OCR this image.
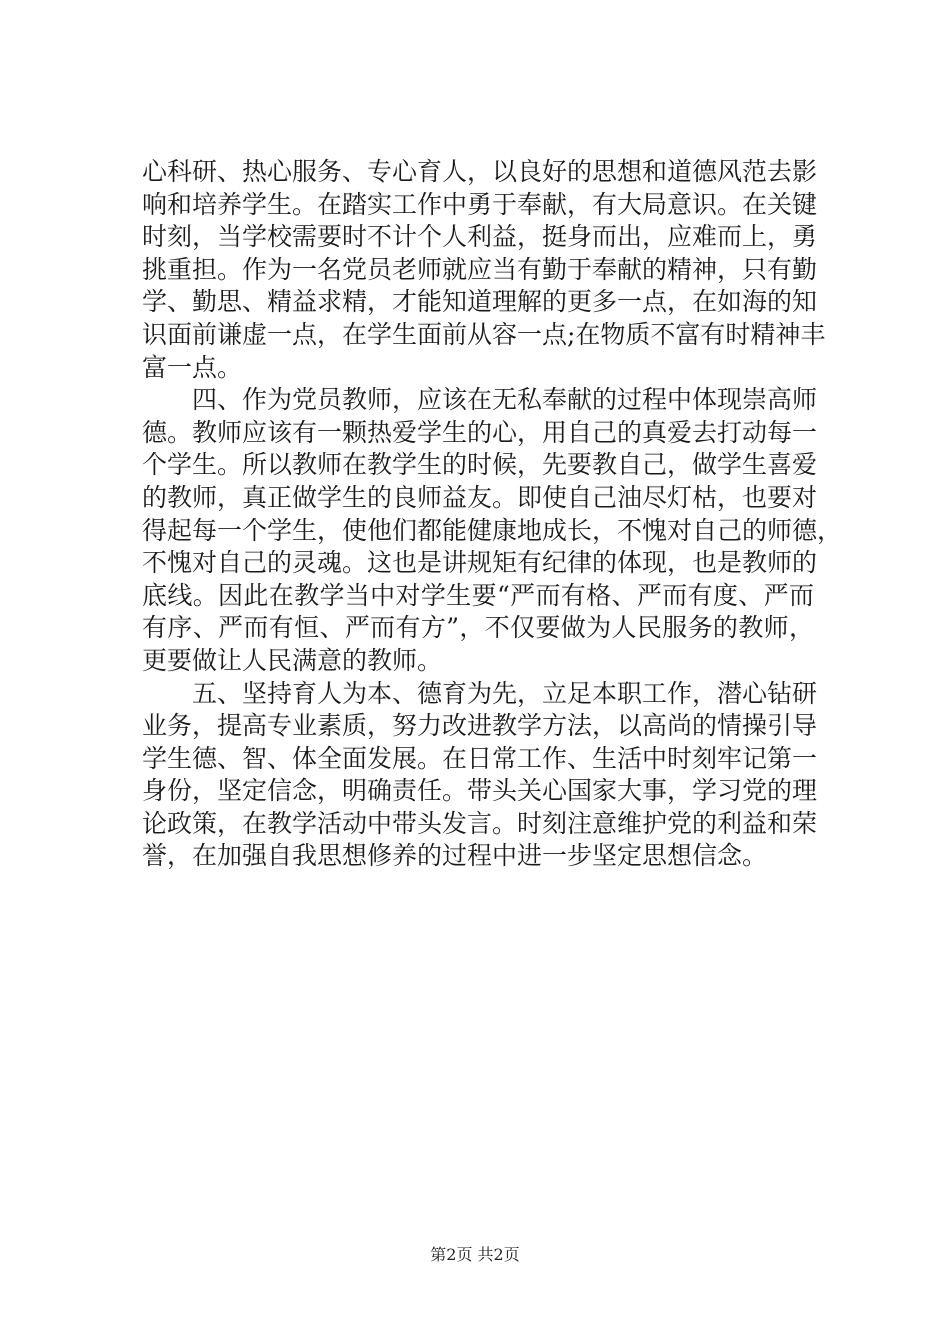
心科研、热心服务、专心育人，以良好的思想和道德风范去影
响和培养学生。在踏实工作中勇于奉献，有大局意识。在关键
时刻，当学校需要时不计个人利益，挺身而出，应难而上，勇
挑重担。作为一名党员老师就应当有勤于奉献的精神，只有勤
学、勤思、精益求精，才能知道理解的更多一点，在如海的知
识面前谦虚一点，在学生面前从容一点;在物质不富有时精神丰
富一点。
　　四、作为党员教师，应该在无私奉献的过程中体现崇高师
德。教师应该有一颗热爱学生的心，用自己的真爱去打动每一
个学生。所以教师在教学生的时候，先要教自己，做学生喜爱
的教师，真正做学生的良师益友。即使自己油尽灯枯，也要对
得起每一个学生，使他们都能健康地成长，不愧对自己的师德，
不愧对自己的灵魂。这也是讲规矩有纪律的体现，也是教师的
底线。因此在教学当中对学生要“严而有格、严而有度、严而
有序、严而有恒、严而有方”，不仅要做为人民服务的教师，
更要做让人民满意的教师。
　　五、坚持育人为本、德育为先，立足本职工作，潜心钻研
业务，提高专业素质，努力改进教学方法，以高尚的情操引导
学生德、智、体全面发展。在日常工作、生活中时刻牢记第一
身份，坚定信念，明确责任。带头关心国家大事，学习党的理
论政策，在教学活动中带头发言。时刻注意维护党的利益和荣
誉，在加强自我思想修养的过程中进一步坚定思想信念。
第2页 共2页
